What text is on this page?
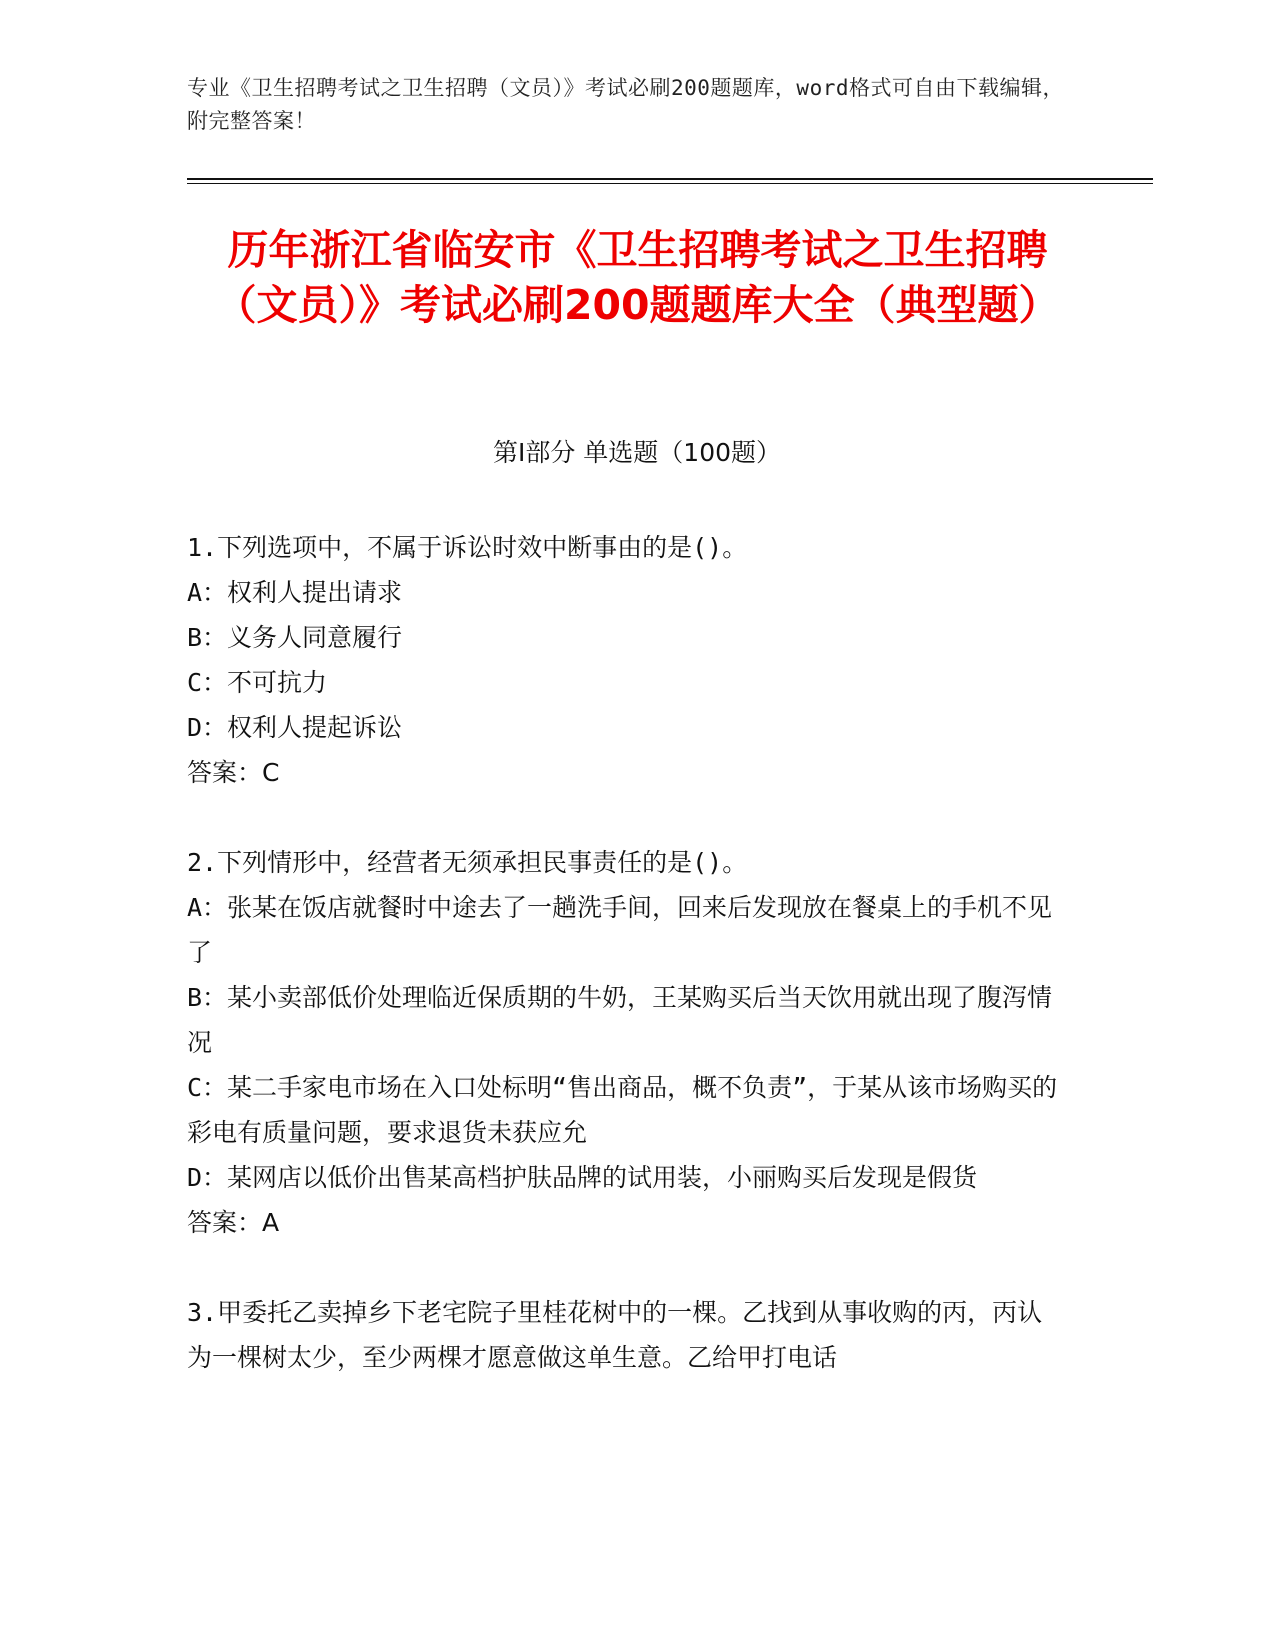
专业《卫生招聘考试之卫生招聘（文员）》考试必刷200题题库，word格式可自由下载编辑，附完整答案！
历年浙江省临安市《卫生招聘考试之卫生招聘（文员）》考试必刷200题题库大全（典型题）
第Ⅰ部分 单选题（100题）

1.下列选项中，不属于诉讼时效中断事由的是()。

A：权利人提出请求

B：义务人同意履行

C：不可抗力

D：权利人提起诉讼

答案：C

2.下列情形中，经营者无须承担民事责任的是()。

A：张某在饭店就餐时中途去了一趟洗手间，回来后发现放在餐桌上的手机不见了

B：某小卖部低价处理临近保质期的牛奶，王某购买后当天饮用就出现了腹泻情况

C：某二手家电市场在入口处标明“售出商品，概不负责”，于某从该市场购买的彩电有质量问题，要求退货未获应允

D：某网店以低价出售某高档护肤品牌的试用装，小丽购买后发现是假货

答案：A

3.甲委托乙卖掉乡下老宅院子里桂花树中的一棵。乙找到从事收购的丙，丙认为一棵树太少，至少两棵才愿意做这单生意。乙给甲打电话
